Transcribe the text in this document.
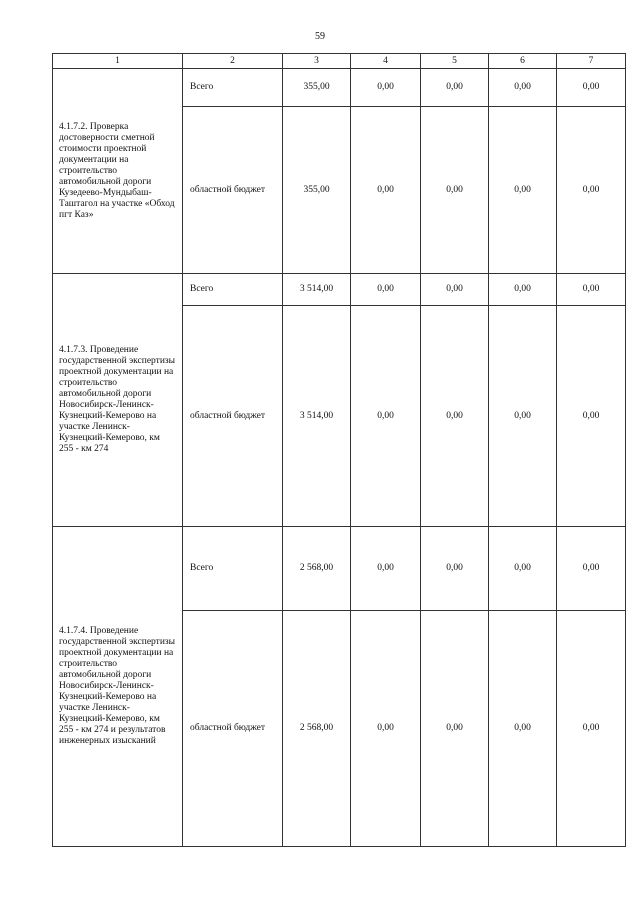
59
1	2	3	4	5	6	7

4.1.7.2. Проверка достоверности сметной стоимости проектной документации на строительство автомобильной дороги Кузедеево-Мундыбаш-Таштагол на участке «Обход пгт Каз»	Всего	355,00	0,00	0,00	0,00	0,00
	областной бюджет	355,00	0,00	0,00	0,00	0,00

4.1.7.3. Проведение государственной экспертизы проектной документации на строительство автомобильной дороги Новосибирск-Ленинск-Кузнецкий-Кемерово на участке Ленинск-Кузнецкий-Кемерово, км 255 - км 274	Всего	3 514,00	0,00	0,00	0,00	0,00
	областной бюджет	3 514,00	0,00	0,00	0,00	0,00

4.1.7.4. Проведение государственной экспертизы проектной документации на строительство автомобильной дороги Новосибирск-Ленинск-Кузнецкий-Кемерово на участке Ленинск-Кузнецкий-Кемерово, км 255 - км 274 и результатов инженерных изысканий	Всего	2 568,00	0,00	0,00	0,00	0,00
	областной бюджет	2 568,00	0,00	0,00	0,00	0,00
